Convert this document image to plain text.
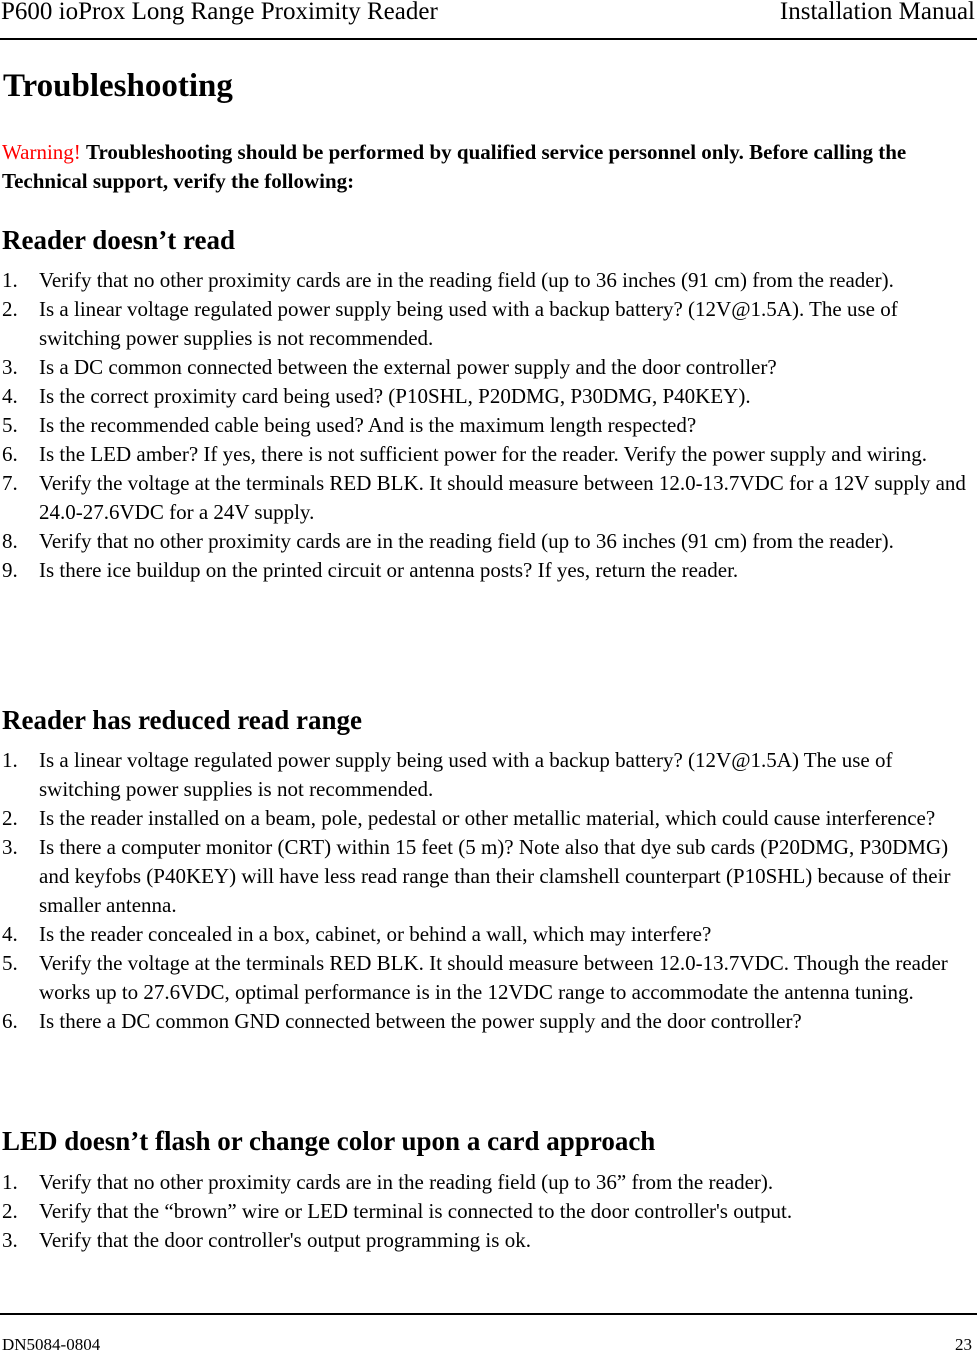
P600 ioProx Long Range Proximity Reader	Installation Manual
Troubleshooting

Warning! Troubleshooting should be performed by qualified service personnel only. Before calling the Technical support, verify the following:

Reader doesn’t read
1. Verify that no other proximity cards are in the reading field (up to 36 inches (91 cm) from the reader).
2. Is a linear voltage regulated power supply being used with a backup battery? (12V@1.5A). The use of switching power supplies is not recommended.
3. Is a DC common connected between the external power supply and the door controller?
4. Is the correct proximity card being used? (P10SHL, P20DMG, P30DMG, P40KEY).
5. Is the recommended cable being used? And is the maximum length respected?
6. Is the LED amber? If yes, there is not sufficient power for the reader. Verify the power supply and wiring.
7. Verify the voltage at the terminals RED BLK. It should measure between 12.0-13.7VDC for a 12V supply and 24.0-27.6VDC for a 24V supply.
8. Verify that no other proximity cards are in the reading field (up to 36 inches (91 cm) from the reader).
9. Is there ice buildup on the printed circuit or antenna posts? If yes, return the reader.
Reader has reduced read range
1. Is a linear voltage regulated power supply being used with a backup battery? (12V@1.5A) The use of switching power supplies is not recommended.
2. Is the reader installed on a beam, pole, pedestal or other metallic material, which could cause interference?
3. Is there a computer monitor (CRT) within 15 feet (5 m)? Note also that dye sub cards (P20DMG, P30DMG) and keyfobs (P40KEY) will have less read range than their clamshell counterpart (P10SHL) because of their smaller antenna.
4. Is the reader concealed in a box, cabinet, or behind a wall, which may interfere?
5. Verify the voltage at the terminals RED BLK. It should measure between 12.0-13.7VDC. Though the reader works up to 27.6VDC, optimal performance is in the 12VDC range to accommodate the antenna tuning.
6. Is there a DC common GND connected between the power supply and the door controller?
LED doesn’t flash or change color upon a card approach
1. Verify that no other proximity cards are in the reading field (up to 36” from the reader).
2. Verify that the “brown” wire or LED terminal is connected to the door controller's output.
3. Verify that the door controller's output programming is ok.
DN5084-0804	23
